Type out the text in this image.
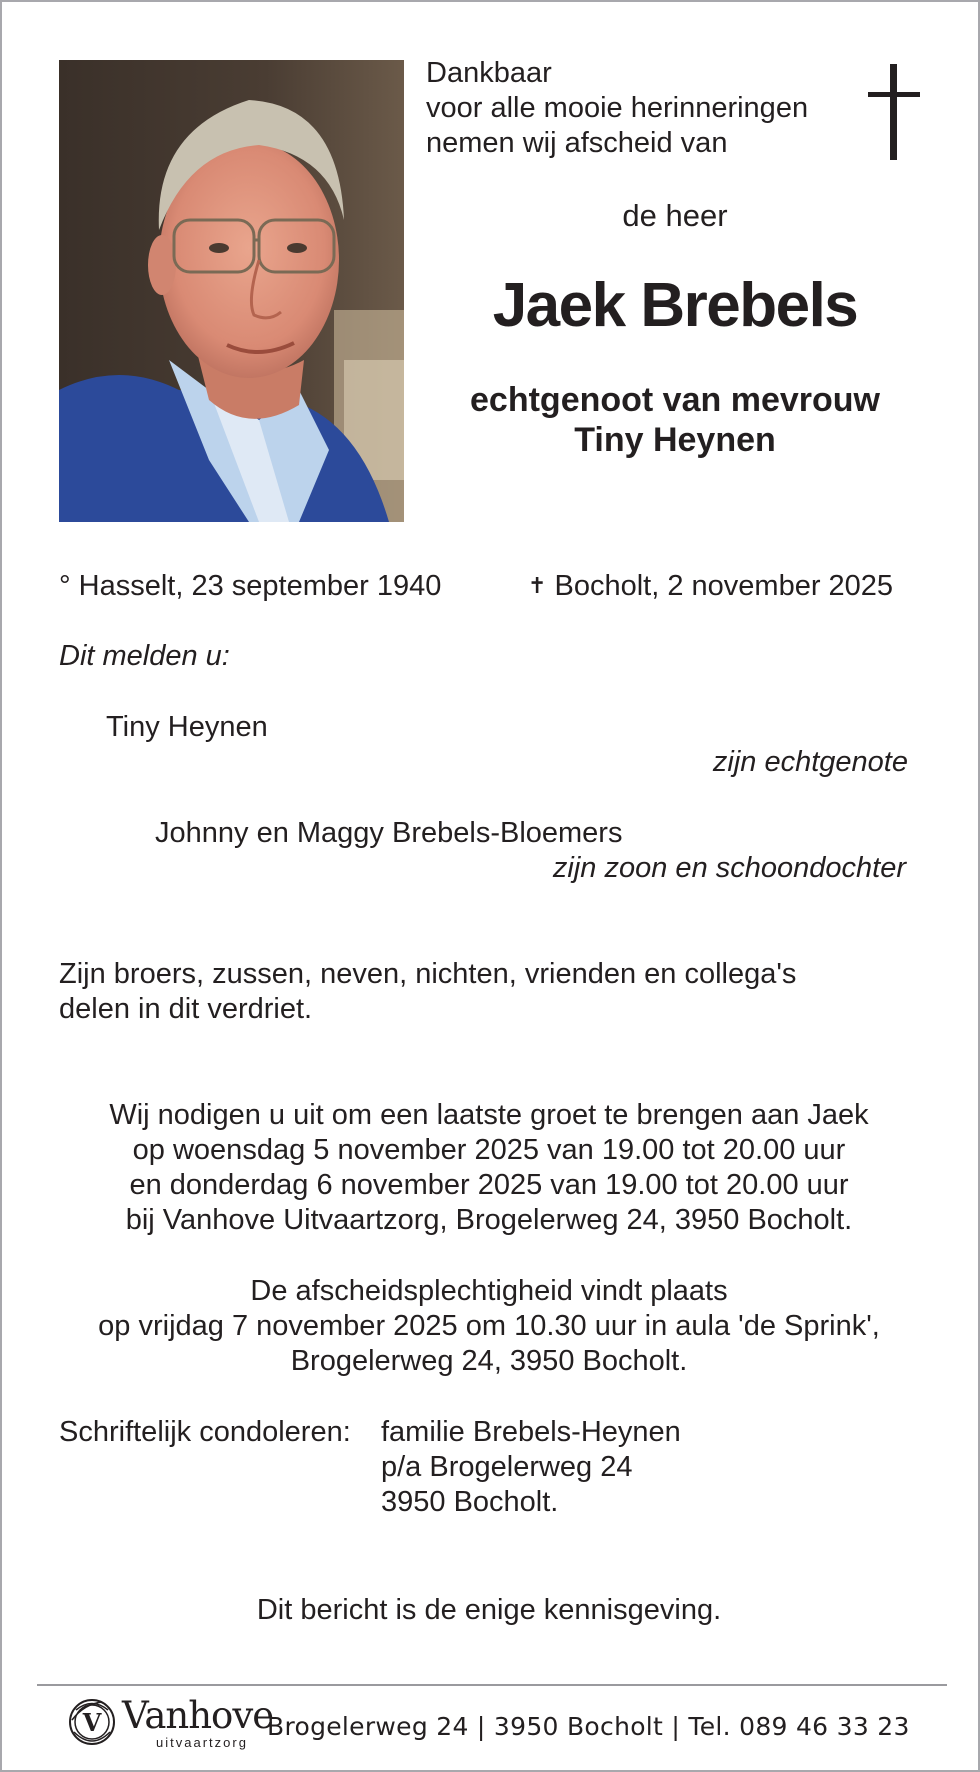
Dankbaar
voor alle mooie herinneringen
nemen wij afscheid van
de heer
Jaek Brebels
echtgenoot van mevrouw
Tiny Heynen
° Hasselt, 23 september 1940	✝ Bocholt, 2 november 2025
Dit melden u:
Tiny Heynen
zijn echtgenote
Johnny en Maggy Brebels-Bloemers
zijn zoon en schoondochter
Zijn broers, zussen, neven, nichten, vrienden en collega's
delen in dit verdriet.
Wij nodigen u uit om een laatste groet te brengen aan Jaek
op woensdag 5 november 2025 van 19.00 tot 20.00 uur
en donderdag 6 november 2025 van 19.00 tot 20.00 uur
bij Vanhove Uitvaartzorg, Brogelerweg 24, 3950 Bocholt.
De afscheidsplechtigheid vindt plaats
op vrijdag 7 november 2025 om 10.30 uur in aula 'de Sprink',
Brogelerweg 24, 3950 Bocholt.
Schriftelijk condoleren: familie Brebels-Heynen
p/a Brogelerweg 24
3950 Bocholt.
Dit bericht is de enige kennisgeving.
V Vanhove
uitvaartzorg
Brogelerweg 24 | 3950 Bocholt | Tel. 089 46 33 23
